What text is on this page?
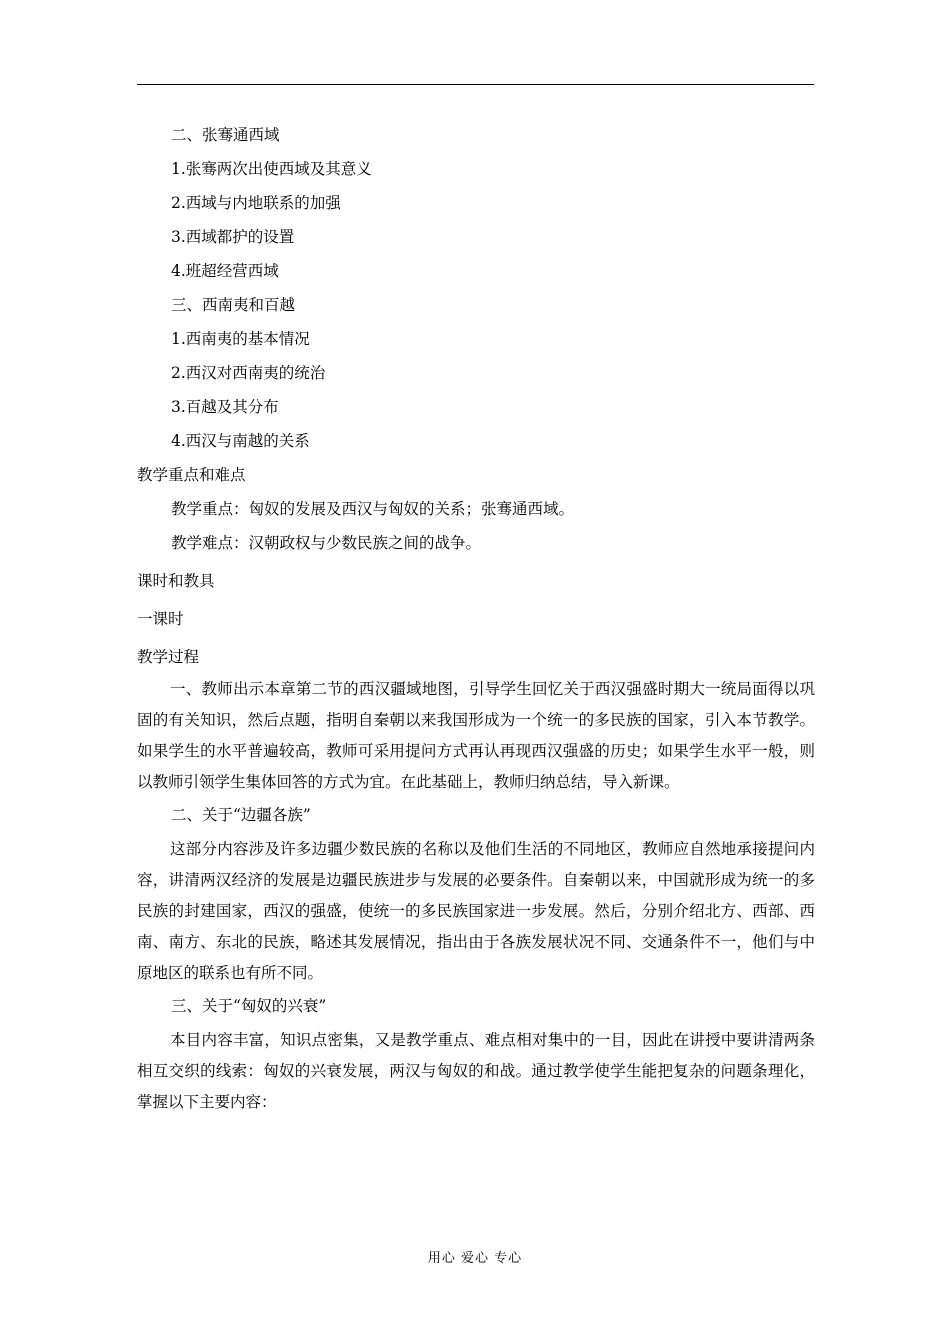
二、张骞通西域
1.张骞两次出使西域及其意义
2.西域与内地联系的加强
3.西域都护的设置
4.班超经营西域
三、西南夷和百越
1.西南夷的基本情况
2.西汉对西南夷的统治
3.百越及其分布
4.西汉与南越的关系
教学重点和难点
教学重点：匈奴的发展及西汉与匈奴的关系；张骞通西域。
教学难点：汉朝政权与少数民族之间的战争。
课时和教具
一课时
教学过程

一、教师出示本章第二节的西汉疆域地图，引导学生回忆关于西汉强盛时期大一统局面得以巩固的有关知识，然后点题，指明自秦朝以来我国形成为一个统一的多民族的国家，引入本节教学。如果学生的水平普遍较高，教师可采用提问方式再认再现西汉强盛的历史；如果学生水平一般，则以教师引领学生集体回答的方式为宜。在此基础上，教师归纳总结，导入新课。

二、关于“边疆各族”

这部分内容涉及许多边疆少数民族的名称以及他们生活的不同地区，教师应自然地承接提问内容，讲清两汉经济的发展是边疆民族进步与发展的必要条件。自秦朝以来，中国就形成为统一的多民族的封建国家，西汉的强盛，使统一的多民族国家进一步发展。然后，分别介绍北方、西部、西南、南方、东北的民族，略述其发展情况，指出由于各族发展状况不同、交通条件不一，他们与中原地区的联系也有所不同。

三、关于“匈奴的兴衰”

本目内容丰富，知识点密集，又是教学重点、难点相对集中的一目，因此在讲授中要讲清两条相互交织的线索：匈奴的兴衰发展，两汉与匈奴的和战。通过教学使学生能把复杂的问题条理化，掌握以下主要内容：

用心 爱心 专心
